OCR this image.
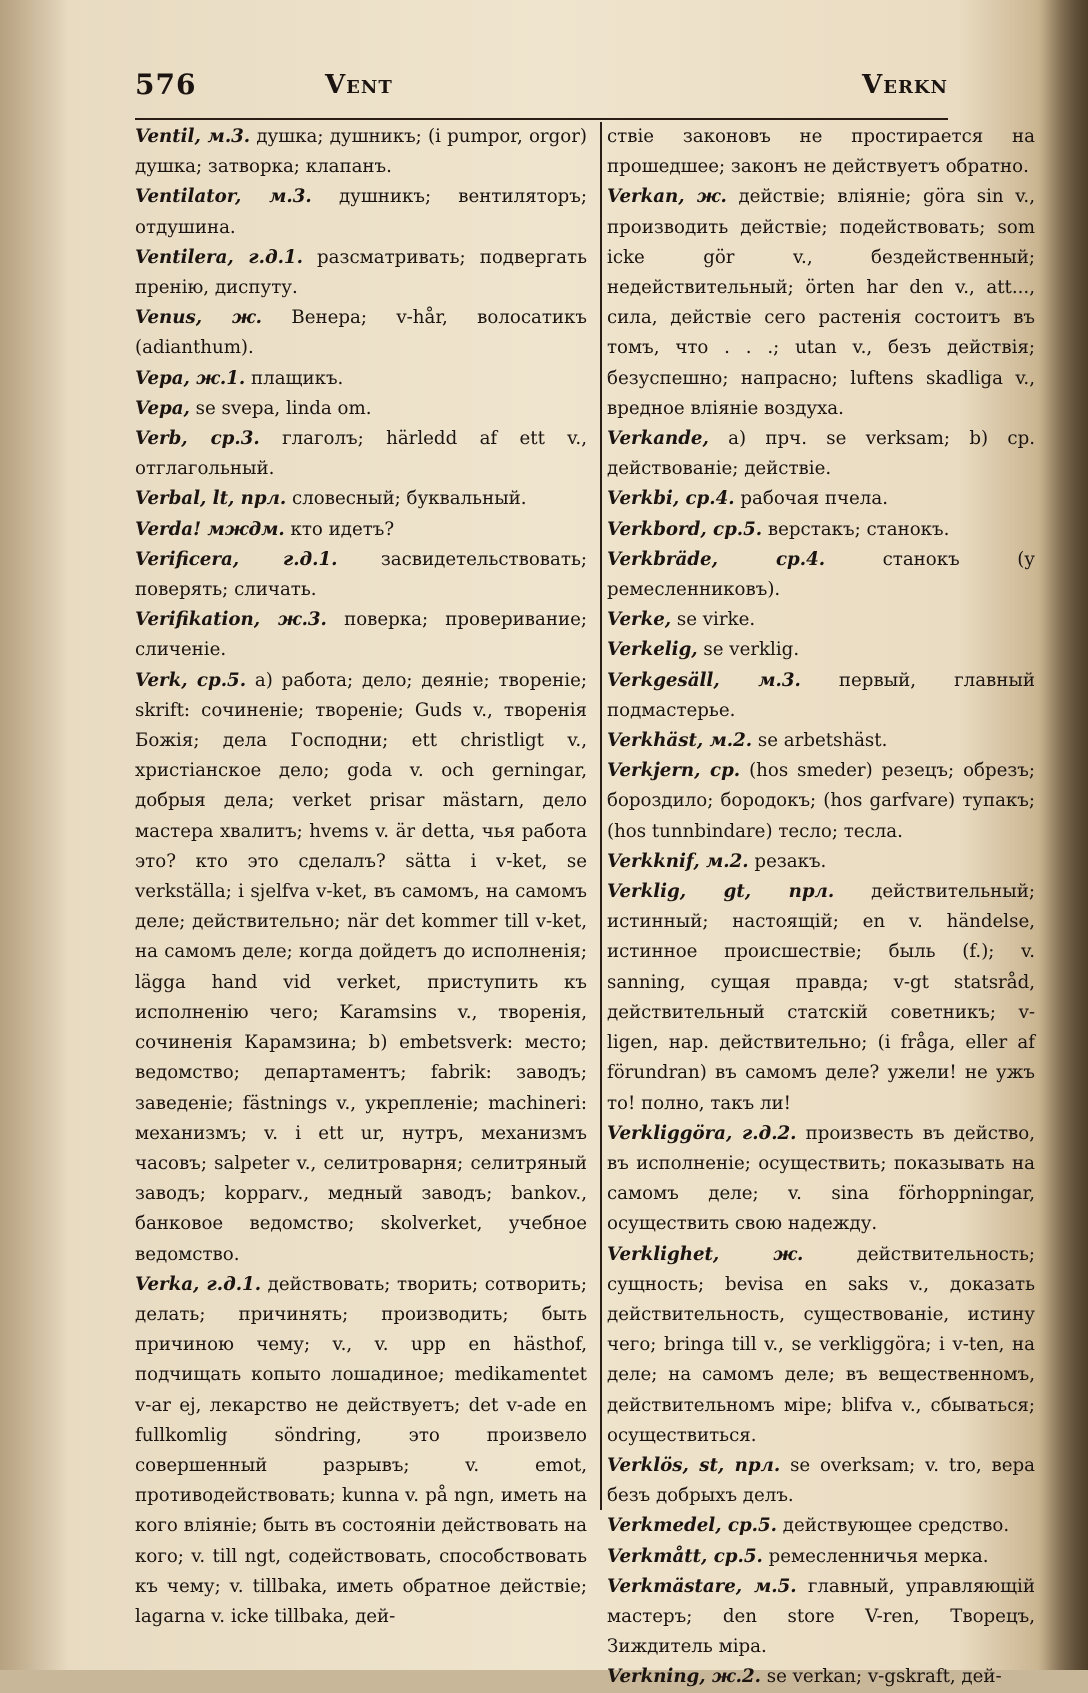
576	Vent	Verkn

Ventil, м.3. душка; душникъ; (i pumpor, orgor) душка; затворка; клапанъ.

Ventilator, м.3. душникъ; вентиляторъ; отдушина.

Ventilera, г.д.1. разсматривать; подвергать пренію, диспуту.

Venus, ж. Венера; v-hår, волосатикъ (adianthum).

Vepa, ж.1. плащикъ.

Vepa, se svepa, linda om.

Verb, ср.3. глаголъ; härledd af ett v., отглагольный.

Verbal, lt, прл. словесный; буквальный.

Verda! мждм. кто идетъ?

Verificera, г.д.1. засвидетельствовать; поверять; сличать.

Verifikation, ж.3. поверка; проверивание; сличеніе.

Verk, ср.5. a) работа; дело; деяніе; твореніе; skrift: сочиненіе; твореніе; Guds v., творенія Божія; дела Господни; ett christligt v., христіанское дело; goda v. och gerningar, добрыя дела; verket prisar mästarn, дело мастера хвалитъ; hvems v. är detta, чья работа это? кто это сделалъ? sätta i v-ket, se verkställa; i sjelfva v-ket, въ самомъ, на самомъ деле; действительно; när det kommer till v-ket, на самомъ деле; когда дойдетъ до исполненія; lägga hand vid verket, приступить къ исполненію чего; Karamsins v., творенія, сочиненія Карамзина; b) embetsverk: место; ведомство; департаментъ; fabrik: заводъ; заведеніе; fästnings v., укрепленіе; machineri: механизмъ; v. i ett ur, нутръ, механизмъ часовъ; salpeter v., селитроварня; селитряный заводъ; kopparv., медный заводъ; bankov., банковое ведомство; skolverket, учебное ведомство.

Verka, г.д.1. действовать; творить; сотворить; делать; причинять; производить; быть причиною чему; v., v. upp en hästhof, подчищать копыто лошадиное; medikamentet v-ar ej, лекарство не действуетъ; det v-ade en fullkomlig söndring, это произвело совершенный разрывъ; v. emot, противодействовать; kunna v. på ngn, иметь на кого вліяніе; быть въ состояніи действовать на кого; v. till ngt, содействовать, способствовать къ чему; v. tillbaka, иметь обратное действіе; lagarna v. icke tillbaka, дей-

ствіе законовъ не простирается на прошедшее; законъ не действуетъ обратно.

Verkan, ж. действіе; вліяніе; göra sin v., производить действіе; подействовать; som icke gör v., бездейственный; недействительный; örten har den v., att..., сила, действіе сего растенія состоитъ въ томъ, что . . .; utan v., безъ действія; безуспешно; напрасно; luftens skadliga v., вредное вліяніе воздуха.

Verkande, a) прч. se verksam; b) ср. действованіе; действіе.

Verkbi, ср.4. рабочая пчела.

Verkbord, ср.5. верстакъ; станокъ.

Verkbräde, ср.4. станокъ (у ремесленниковъ).

Verke, se virke.

Verkelig, se verklig.

Verkgesäll, м.3. первый, главный подмастерье.

Verkhäst, м.2. se arbetshäst.

Verkjern, ср. (hos smeder) резецъ; обрезъ; бороздило; бородокъ; (hos garfvare) тупакъ; (hos tunnbindare) тесло; тесла.

Verkknif, м.2. резакъ.

Verklig, gt, прл. действительный; истинный; настоящій; en v. händelse, истинное происшествіе; быль (f.); v. sanning, сущая правда; v-gt statsråd, действительный статскій советникъ; v-ligen, нар. действительно; (i fråga, eller af förundran) въ самомъ деле? ужели! не ужъ то! полно, такъ ли!

Verkliggöra, г.д.2. произвесть въ действо, въ исполненіе; осуществить; показывать на самомъ деле; v. sina förhoppningar, осуществить свою надежду.

Verklighet, ж. действительность; сущность; bevisa en saks v., доказать действительность, существованіе, истину чего; bringa till v., se verkliggöra; i v-ten, на деле; на самомъ деле; въ вещественномъ, действительномъ міре; blifva v., сбываться; осуществиться.

Verklös, st, прл. se overksam; v. tro, вера безъ добрыхъ делъ.

Verkmedel, ср.5. действующее средство.

Verkmått, ср.5. ремесленничья мерка.

Verkmästare, м.5. главный, управляющій мастеръ; den store V-ren, Творецъ, Зиждитель міра.

Verkning, ж.2. se verkan; v-gskraft, дей-
